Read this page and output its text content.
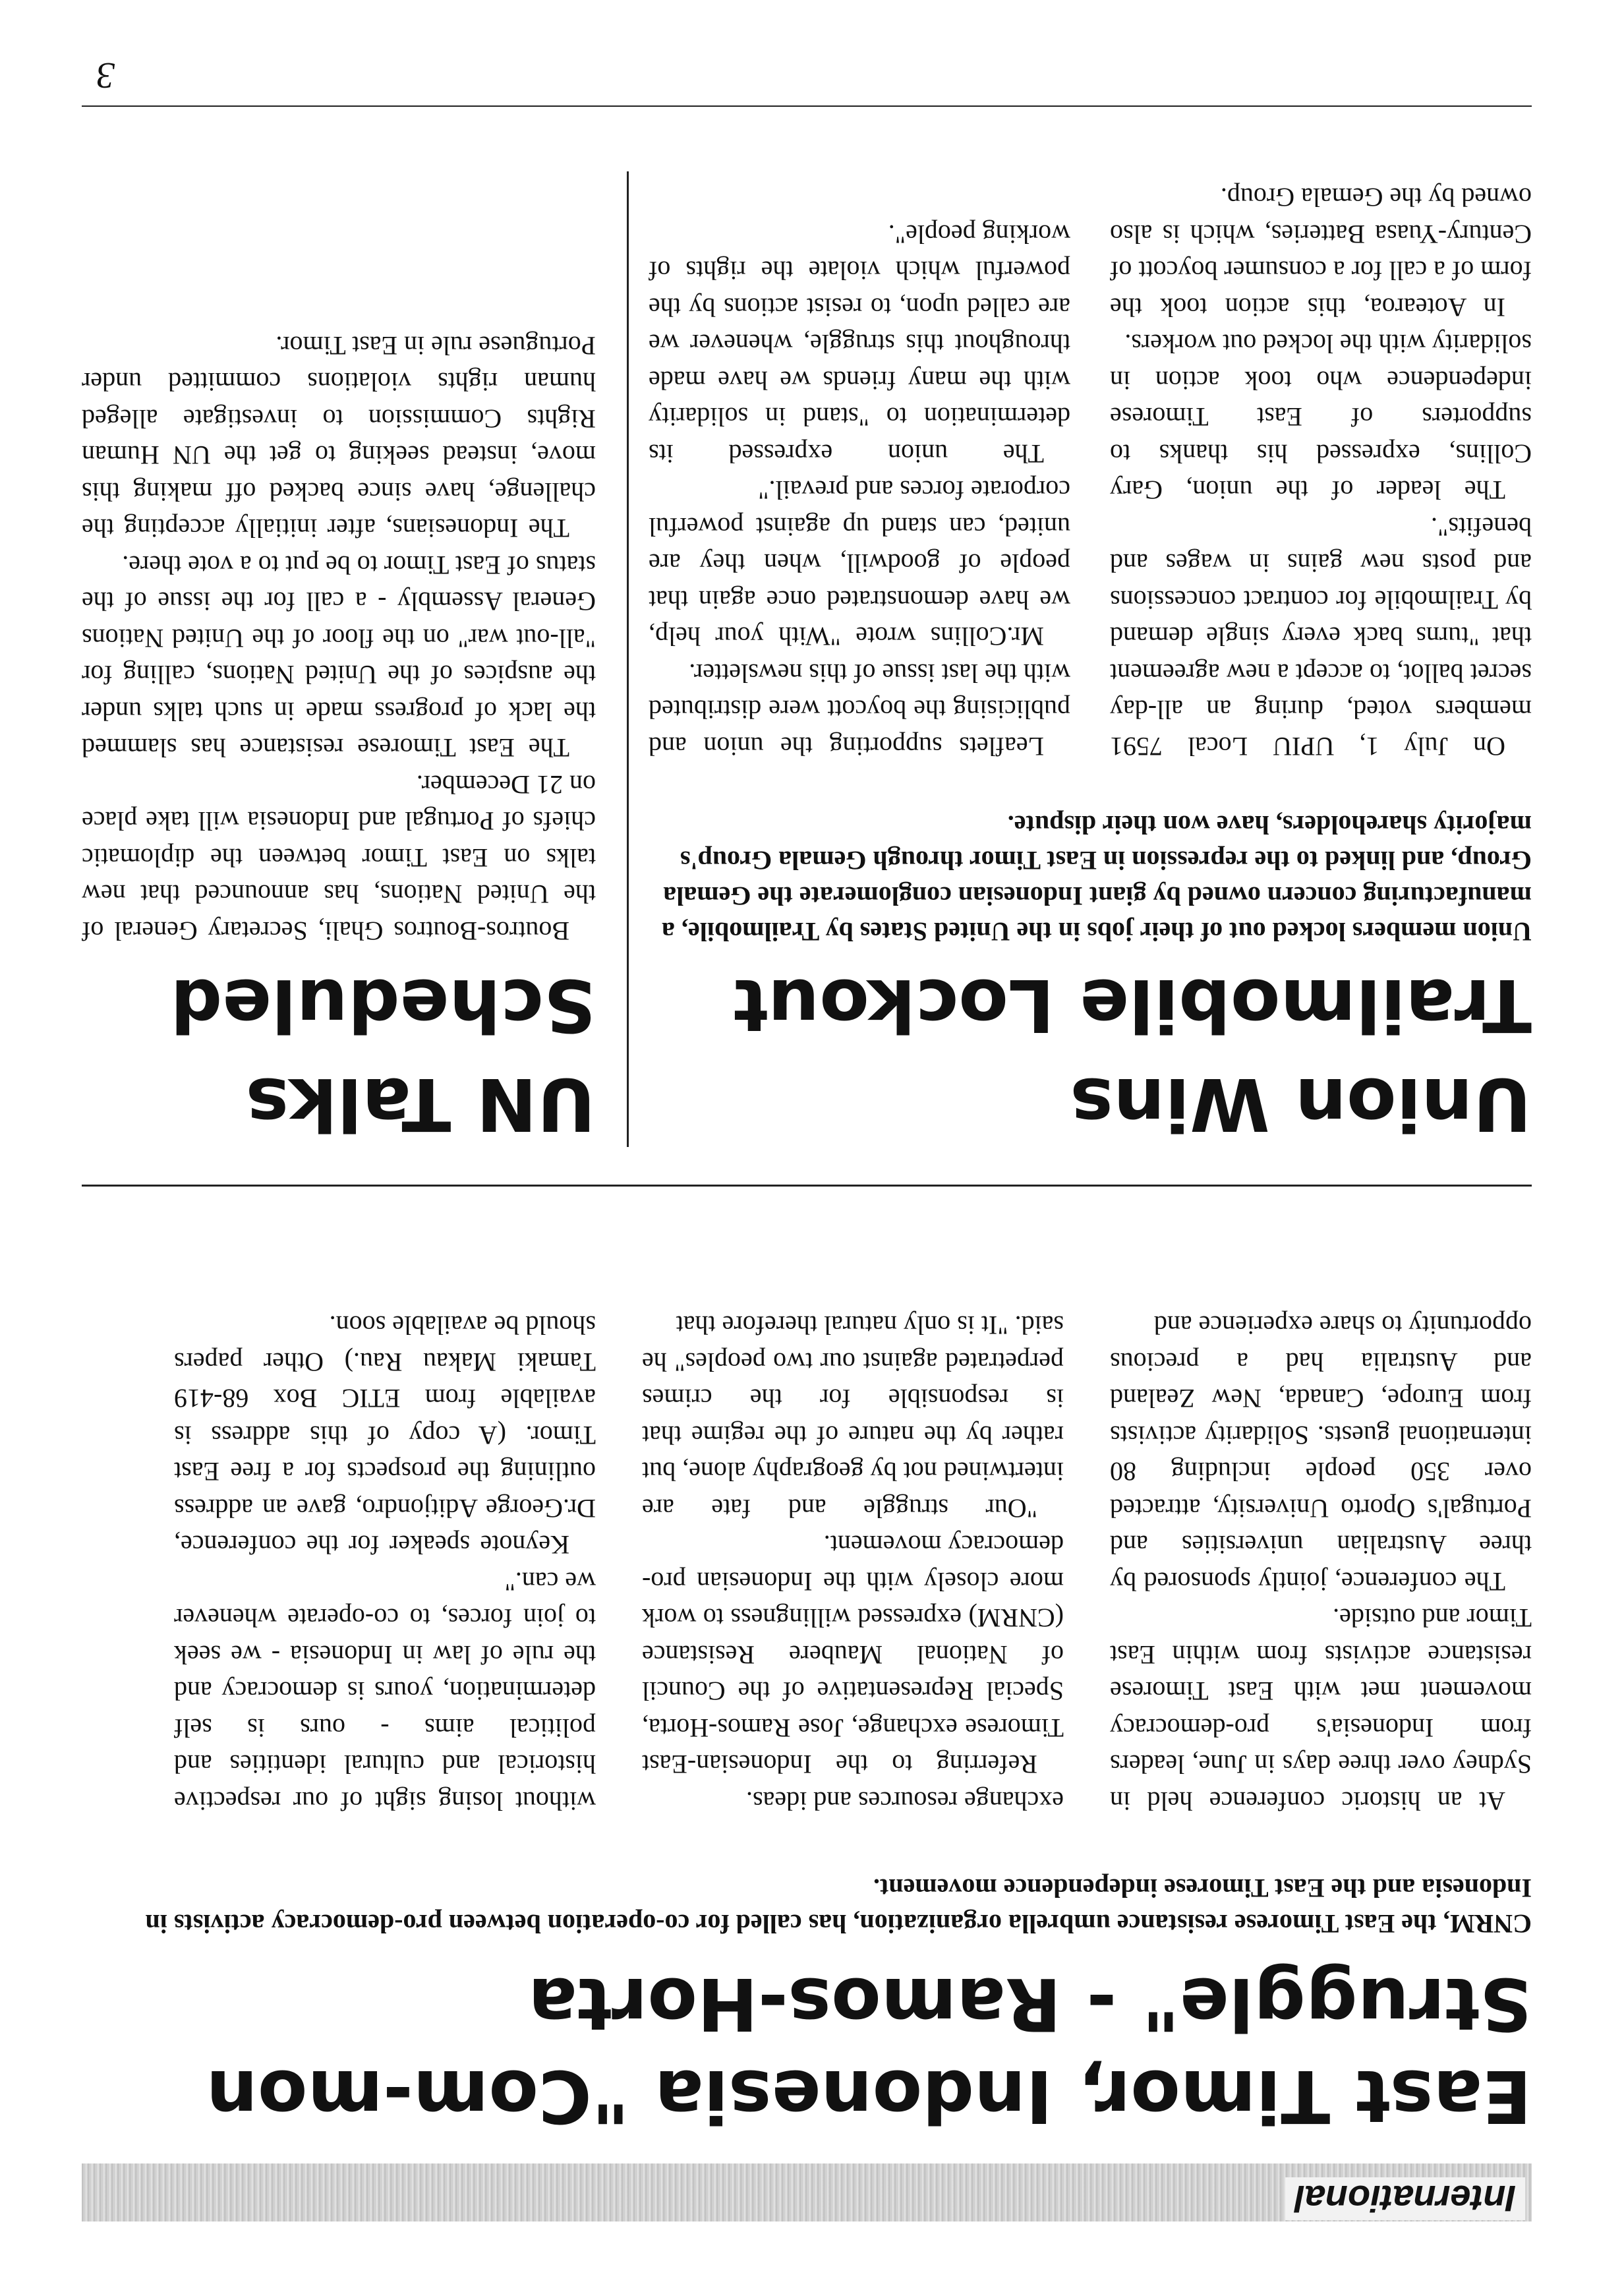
International
East Timor, Indonesia "Com-mon Struggle" - Ramos-Horta

CNRM, the East Timorese resistance umbrella organization, has called for co-operation between pro-democracy activists in Indonesia and the East Timorese independence movement.

At an historic conference held in Sydney over three days in June, leaders from Indonesia's pro-democracy movement met with East Timorese resistance activists from within East Timor and outside.

The conference, jointly sponsored by three Australian universities and Portugal's Oporto University, attracted over 350 people including 80 international guests. Solidarity activists from Europe, Canada, New Zealand and Australia had a precious opportunity to share experience and

exchange resources and ideas.

Referring to the Indonesian-East Timorese exchange, Jose Ramos-Horta, Special Representative of the Council of National Maubere Resistance (CNRM) expressed willingness to work more closely with the Indonesian pro-democracy movement.

"Our struggle and fate are intertwined not by geography alone, but rather by the nature of the regime that is responsible for the crimes perpetrated against our two peoples" he said. "It is only natural therefore that

without losing sight of our respective historical and cultural identities and political aims - ours is self determination, yours is democracy and the rule of law in Indonesia - we seek to join forces, to co-operate whenever we can."

Keynote speaker for the conference, Dr.George Aditjondro, gave an address outlining the prospects for a free East Timor. (A copy of this address is available from ETIC Box 68-419 Tamaki Makau Rau.) Other papers should be available soon.

Union Wins Trailmobile Lockout

Union members locked out of their jobs in the United States by Trailmobile, a manufacturing concern owned by giant Indonesian conglomerate the Gemala Group, and linked to the repression in East Timor through Gemala Group's majority shareholders, have won their dispute.

On July 1, UPIU Local 7591 members voted, during an all-day secret ballot, to accept a new agreement that "turns back every single demand by Trailmobile for contract concessions and posts new gains in wages and benefits".

The leader of the union, Gary Collins, expressed his thanks to supporters of East Timorese independence who took action in solidarity with the locked out workers.

In Aotearoa, this action took the form of a call for a consumer boycott of Century-Yuasa Batteries, which is also owned by the Gemala Group.

Leaflets supporting the union and publicising the boycott were distributed with the last issue of this newsletter.

Mr.Collins wrote "With your help, we have demonstrated once again that people of goodwill, when they are united, can stand up against powerful corporate forces and prevail."

The union expressed its determination to "stand in solidarity with the many friends we have made throughout this struggle, whenever we are called upon, to resist actions by the powerful which violate the rights of working people".

UN Talks Scheduled

Boutros-Boutros Ghali, Secretary General of the United Nations, has announced that new talks on East Timor between the diplomatic chiefs of Portugal and Indonesia will take place on 21 December.

The East Timorese resistance has slammed the lack of progress made in such talks under the auspices of the United Nations, calling for "all-out war" on the floor of the United Nations General Assembly - a call for the issue of the status of East Timor to be put to a vote there.

The Indonesians, after initially accepting the challenge, have since backed off making this move, instead seeking to get the UN Human Rights Commission to investigate alleged human rights violations committed under Portuguese rule in East Timor.

3
